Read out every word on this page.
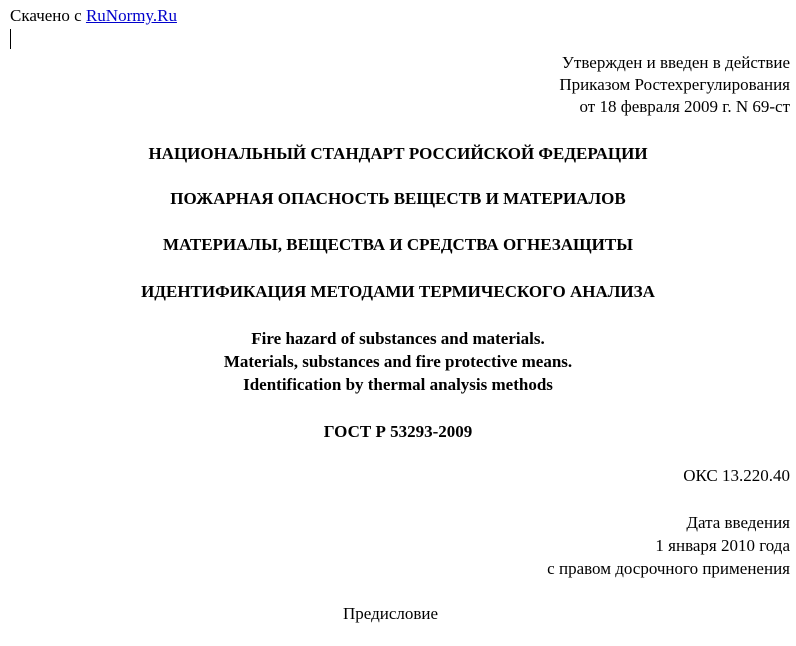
Скачено с RuNormy.Ru
Утвержден и введен в действие
Приказом Ростехрегулирования
от 18 февраля 2009 г. N 69-ст
НАЦИОНАЛЬНЫЙ СТАНДАРТ РОССИЙСКОЙ ФЕДЕРАЦИИ
ПОЖАРНАЯ ОПАСНОСТЬ ВЕЩЕСТВ И МАТЕРИАЛОВ
МАТЕРИАЛЫ, ВЕЩЕСТВА И СРЕДСТВА ОГНЕЗАЩИТЫ
ИДЕНТИФИКАЦИЯ МЕТОДАМИ ТЕРМИЧЕСКОГО АНАЛИЗА
Fire hazard of substances and materials.
Materials, substances and fire protective means.
Identification by thermal analysis methods
ГОСТ Р 53293-2009
ОКС 13.220.40
Дата введения
1 января 2010 года
с правом досрочного применения
Предисловие
